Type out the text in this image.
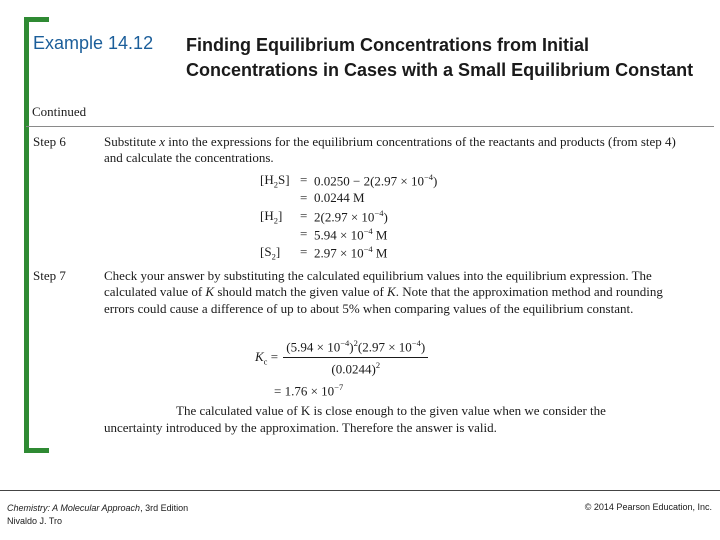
Example 14.12 Finding Equilibrium Concentrations from Initial Concentrations in Cases with a Small Equilibrium Constant
Continued
Step 6	Substitute x into the expressions for the equilibrium concentrations of the reactants and products (from step 4) and calculate the concentrations.
$[H_2S] = 0.0250 - 2(2.97 \times 10^{-4})$
= 0.0244 M
$[H_2] = 2(2.97 \times 10^{-4})$
= $5.94 \times 10^{-4}$ M
$[S_2] = 2.97 \times 10^{-4}$ M
Step 7	Check your answer by substituting the calculated equilibrium values into the equilibrium expression. The calculated value of K should match the given value of K. Note that the approximation method and rounding errors could cause a difference of up to about 5% when comparing values of the equilibrium constant.
$K_c = \frac{(5.94 \times 10^{-4})^2(2.97 \times 10^{-4})}{(0.0244)^2}$
= $1.76 \times 10^{-7}$
The calculated value of K is close enough to the given value when we consider the
uncertainty introduced by the approximation. Therefore the answer is valid.
Chemistry: A Molecular Approach, 3rd Edition
Nivaldo J. Tro
© 2014 Pearson Education, Inc.
